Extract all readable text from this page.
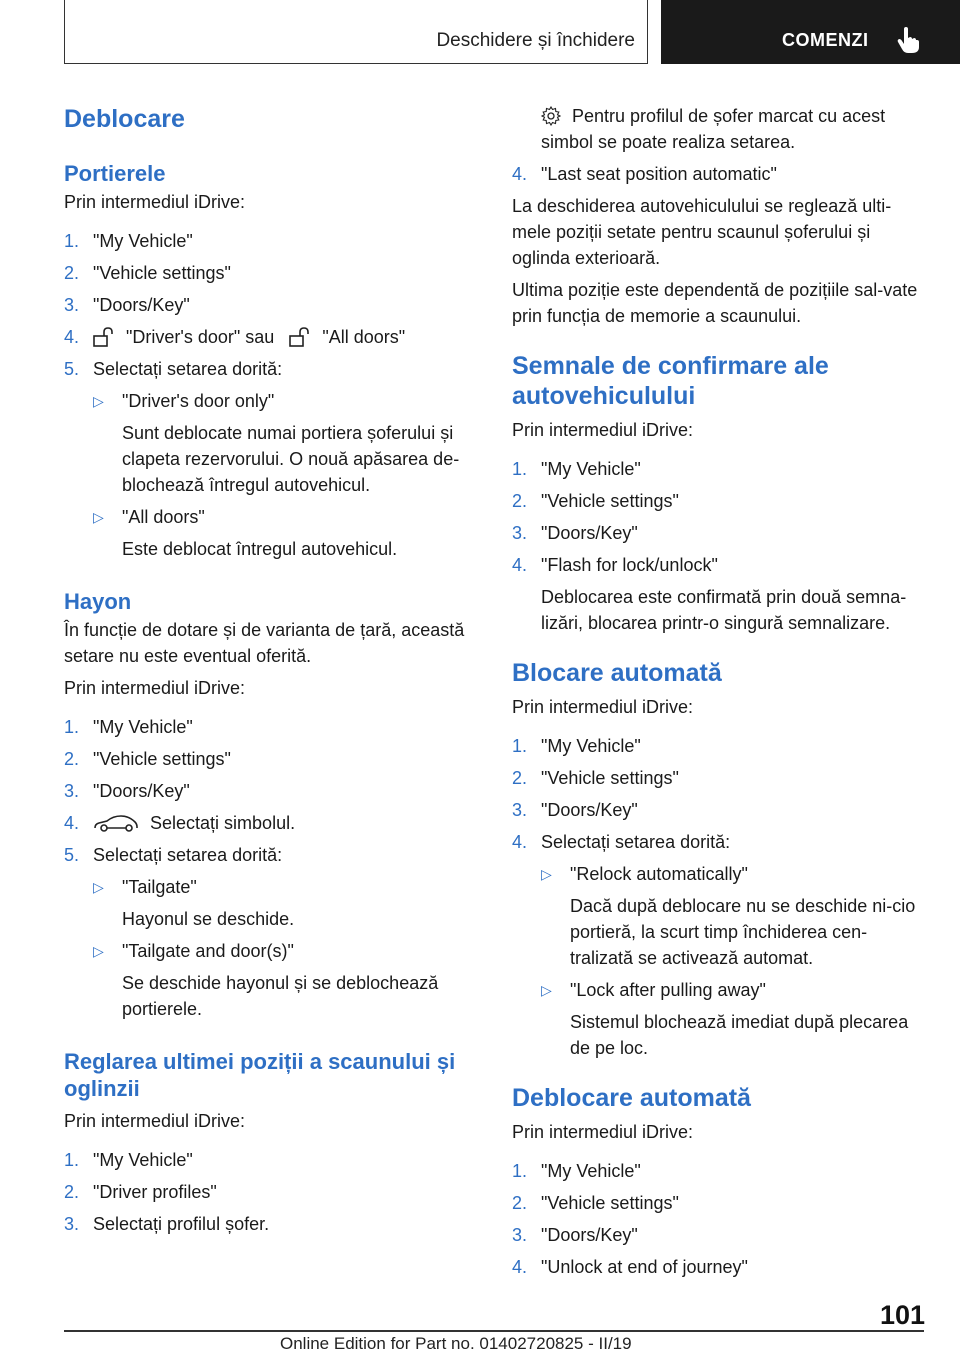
Deschidere și închidere	COMENZI
Deblocare
Portierele

Prin intermediul iDrive:

1. "My Vehicle"
2. "Vehicle settings"
3. "Doors/Key"
4.	"Driver's door" sau	"All doors"
5. Selectați setarea dorită:
▷	"Driver's door only"
Sunt deblocate numai portiera șoferului și clapeta rezervorului. O nouă apăsarea de-blochează întregul autovehicul.
▷	"All doors"
Este deblocat întregul autovehicul.
Hayon

În funcție de dotare și de varianta de țară, această setare nu este eventual oferită.

Prin intermediul iDrive:

1. "My Vehicle"
2. "Vehicle settings"
3. "Doors/Key"
4.	Selectați simbolul.
5. Selectați setarea dorită:
▷	"Tailgate"
Hayonul se deschide.
▷	"Tailgate and door(s)"
Se deschide hayonul și se deblochează portierele.
Reglarea ultimei poziții a scaunului și oglinzii

Prin intermediul iDrive:

1. "My Vehicle"
2. "Driver profiles"
3. Selectați profilul șofer.
Pentru profilul de șofer marcat cu acest simbol se poate realiza setarea.
4. "Last seat position automatic"

La deschiderea autovehiculului se reglează ulti-mele poziții setate pentru scaunul șoferului și oglinda exterioară.

Ultima poziție este dependentă de pozițiile sal-vate prin funcția de memorie a scaunului.

Semnale de confirmare ale autovehiculului

Prin intermediul iDrive:

1. "My Vehicle"
2. "Vehicle settings"
3. "Doors/Key"
4. "Flash for lock/unlock"
Deblocarea este confirmată prin două semna-lizări, blocarea printr-o singură semnalizare.
Blocare automată

Prin intermediul iDrive:

1. "My Vehicle"
2. "Vehicle settings"
3. "Doors/Key"
4. Selectați setarea dorită:
▷	"Relock automatically"
Dacă după deblocare nu se deschide ni-cio portieră, la scurt timp închiderea cen-tralizată se activează automat.
▷	"Lock after pulling away"
Sistemul blochează imediat după plecarea de pe loc.
Deblocare automată

Prin intermediul iDrive:

1. "My Vehicle"
2. "Vehicle settings"
3. "Doors/Key"
4. "Unlock at end of journey"
101
Online Edition for Part no. 01402720825 - II/19
